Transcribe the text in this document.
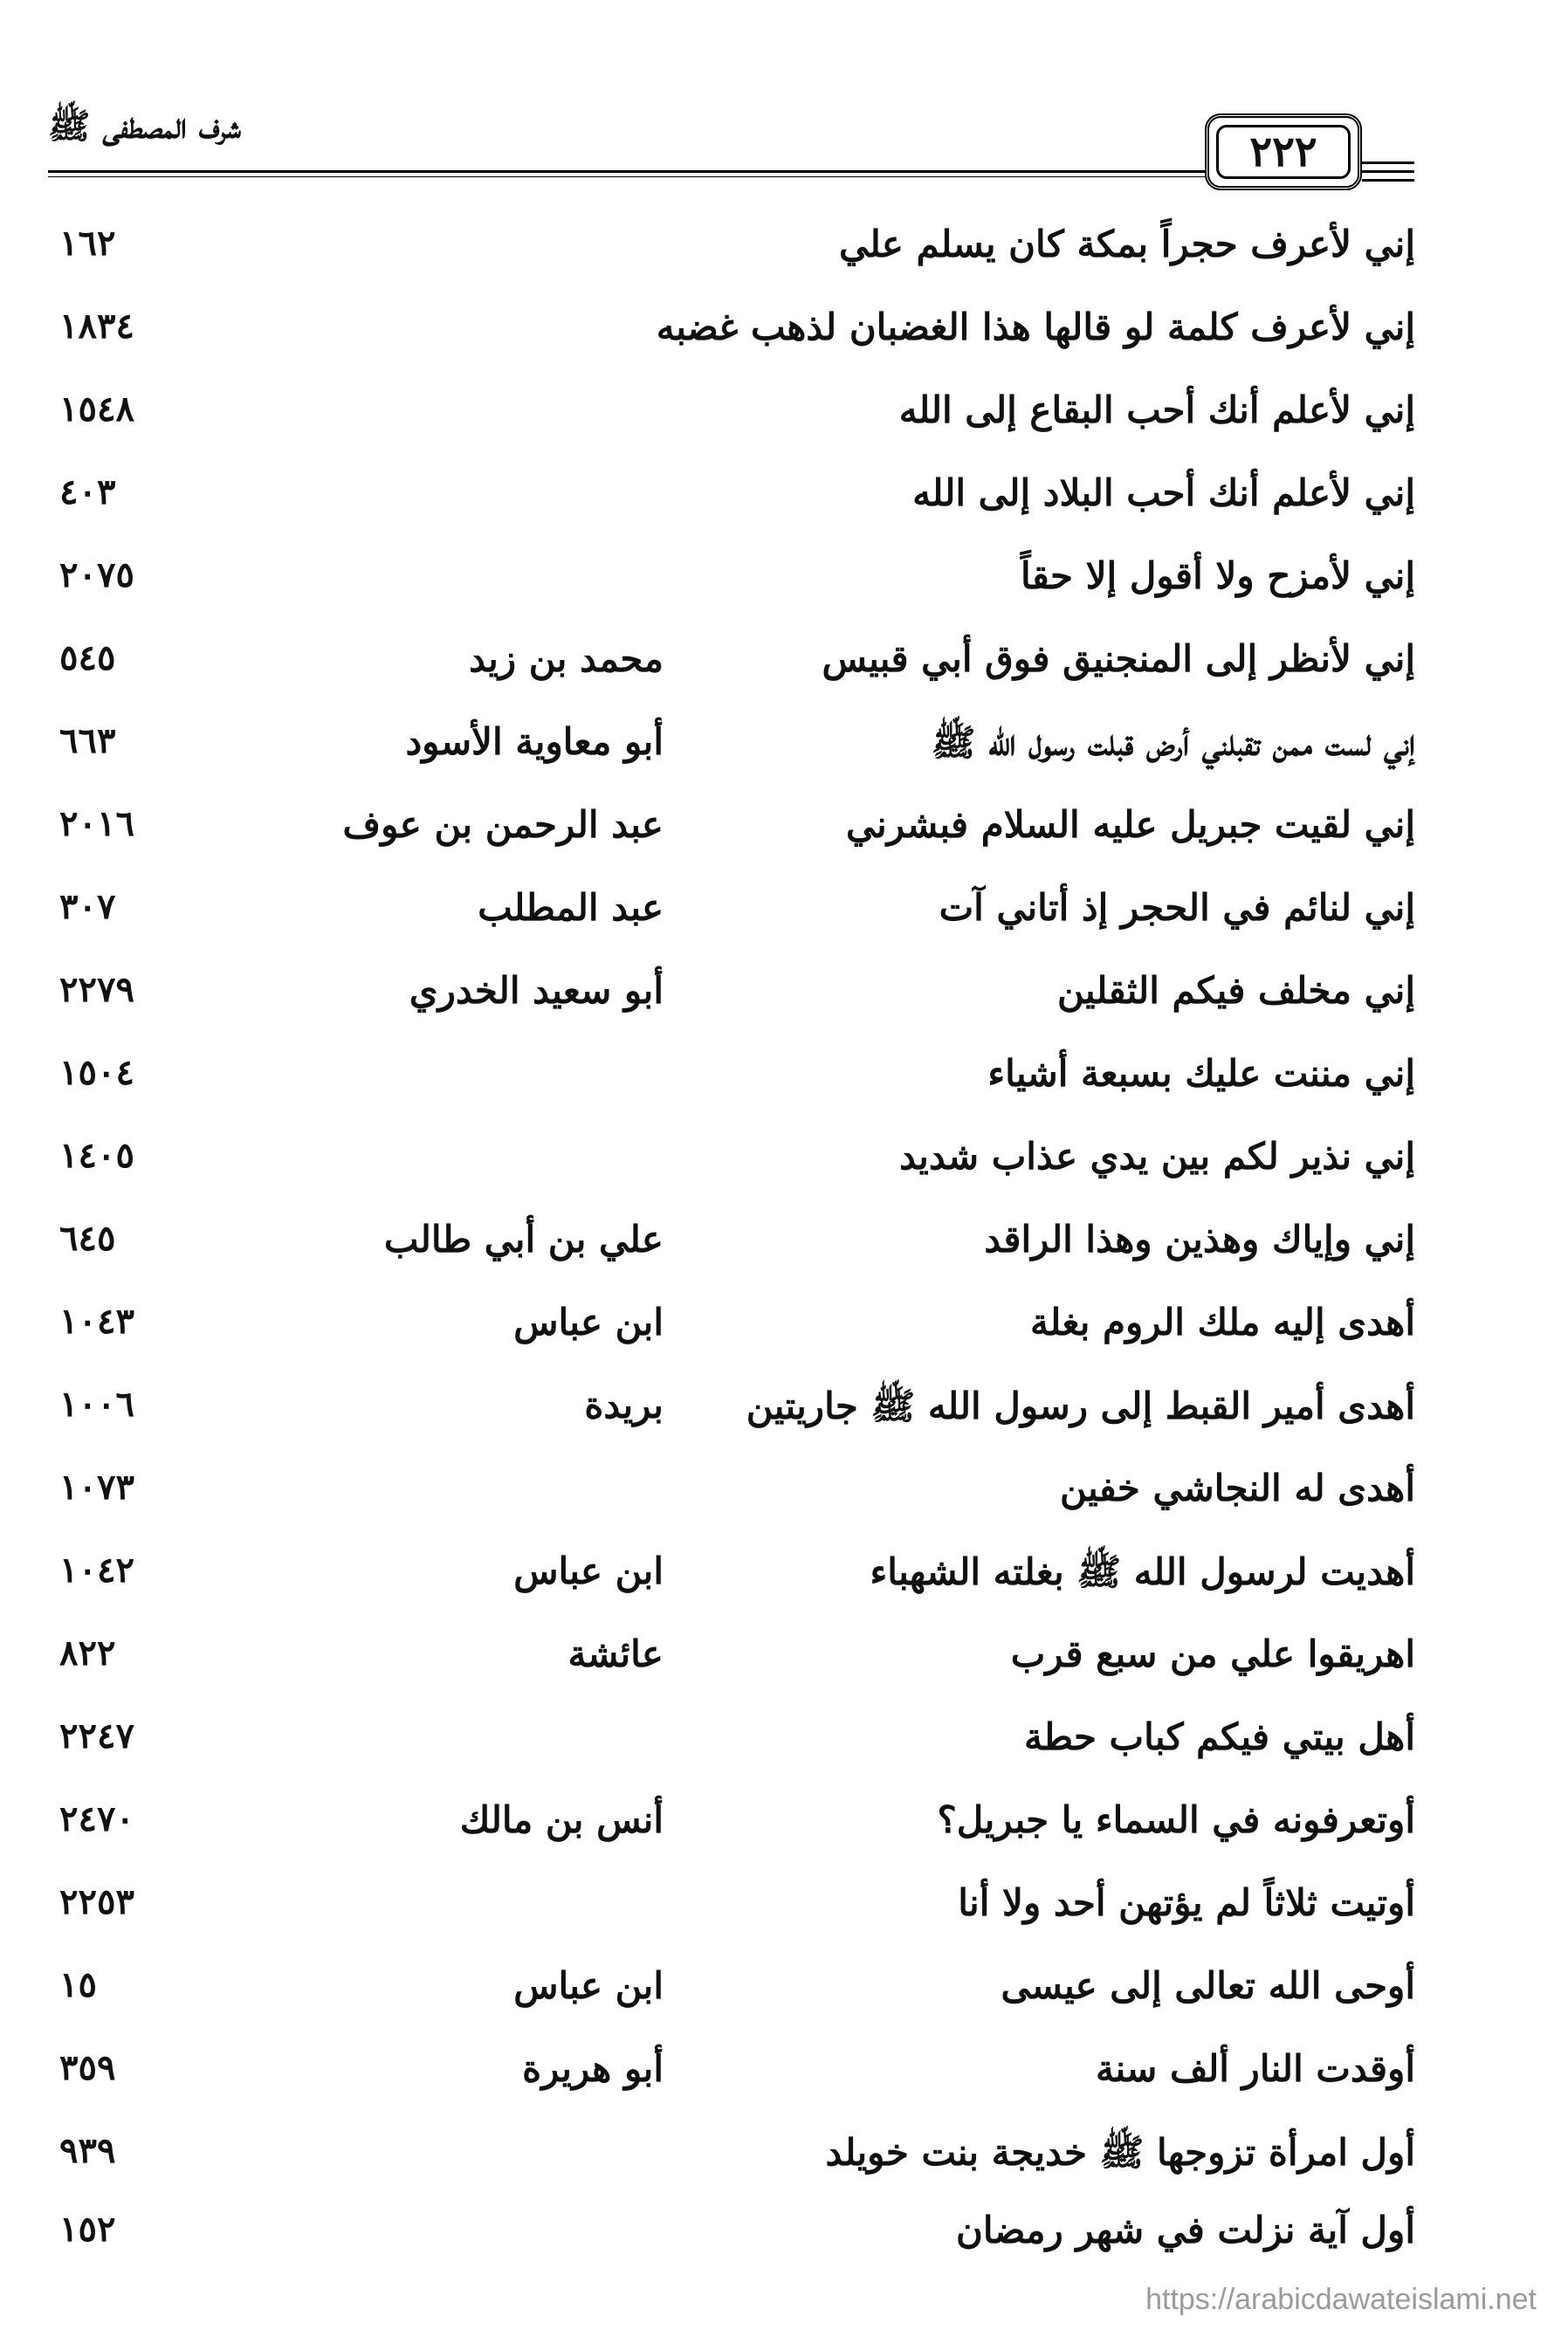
شرف المصطفى ﷺ
٢٢٢
إني لأعرف حجراً بمكة كان يسلم علي
١٦٢
إني لأعرف كلمة لو قالها هذا الغضبان لذهب غضبه
١٨٣٤
إني لأعلم أنك أحب البقاع إلى الله
١٥٤٨
إني لأعلم أنك أحب البلاد إلى الله
٤٠٣
إني لأمزح ولا أقول إلا حقاً
٢٠٧٥
إني لأنظر إلى المنجنيق فوق أبي قبيس
محمد بن زيد
٥٤٥
إني لست ممن تقبلني أرض قبلت رسول الله ﷺ
أبو معاوية الأسود
٦٦٣
إني لقيت جبريل عليه السلام فبشرني
عبد الرحمن بن عوف
٢٠١٦
إني لنائم في الحجر إذ أتاني آت
عبد المطلب
٣٠٧
إني مخلف فيكم الثقلين
أبو سعيد الخدري
٢٢٧٩
إني مننت عليك بسبعة أشياء
١٥٠٤
إني نذير لكم بين يدي عذاب شديد
١٤٠٥
إني وإياك وهذين وهذا الراقد
علي بن أبي طالب
٦٤٥
أهدى إليه ملك الروم بغلة
ابن عباس
١٠٤٣
أهدى أمير القبط إلى رسول الله ﷺ جاريتين
بريدة
١٠٠٦
أهدى له النجاشي خفين
١٠٧٣
أهديت لرسول الله ﷺ بغلته الشهباء
ابن عباس
١٠٤٢
اهريقوا علي من سبع قرب
عائشة
٨٢٢
أهل بيتي فيكم كباب حطة
٢٢٤٧
أوتعرفونه في السماء يا جبريل؟
أنس بن مالك
٢٤٧٠
أوتيت ثلاثاً لم يؤتهن أحد ولا أنا
٢٢٥٣
أوحى الله تعالى إلى عيسى
ابن عباس
١٥
أوقدت النار ألف سنة
أبو هريرة
٣٥٩
أول امرأة تزوجها ﷺ خديجة بنت خويلد
٩٣٩
أول آية نزلت في شهر رمضان
١٥٢
https://arabicdawateislami.net
